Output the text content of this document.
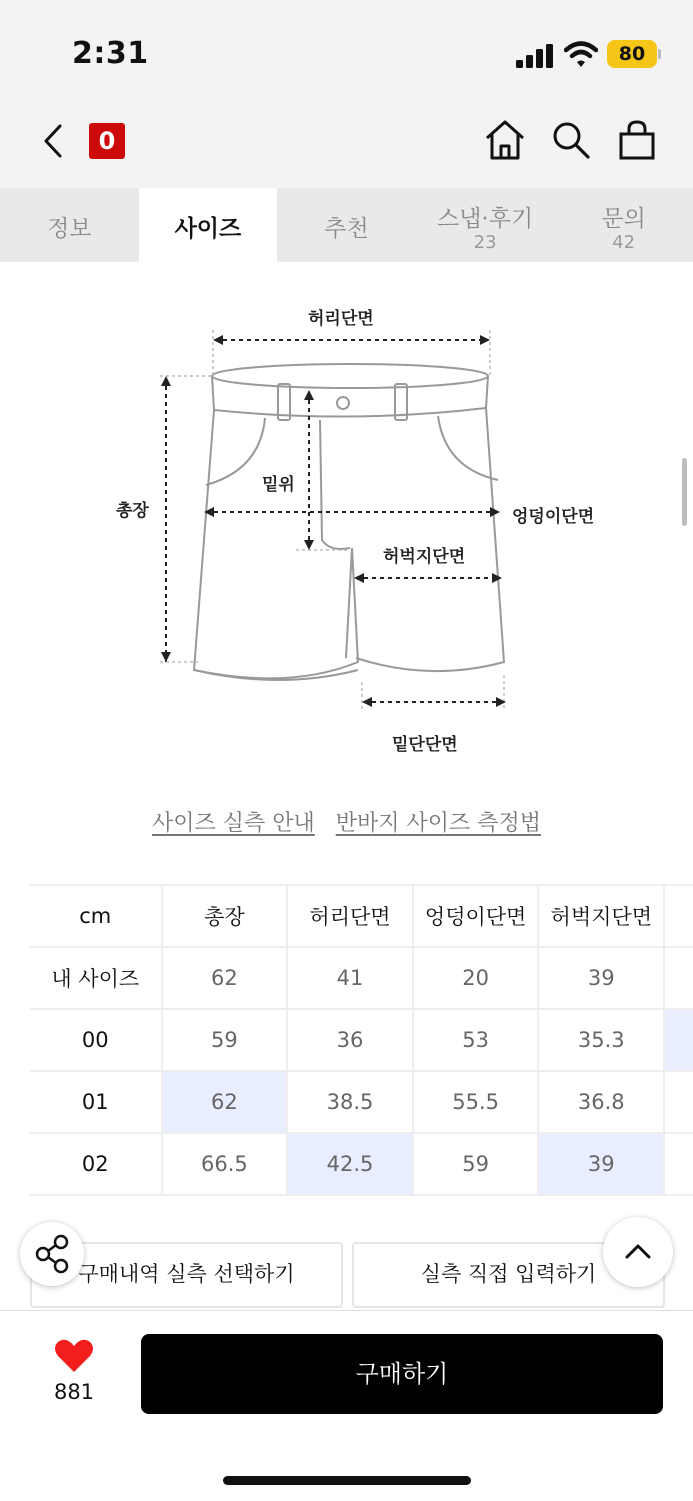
2:31	80
0
정보	사이즈	추천	스냅·후기
23
문의
42
허리단면
총장
밑위
엉덩이단면
허벅지단면
밑단단면
사이즈 실측 안내 반바지 사이즈 측정법
cm	총장	허리단면	엉덩이단면	허벅지단면	
내 사이즈	62	41	20	39	
00	59	36	53	35.3	
01	62	38.5	55.5	36.8	
02	66.5	42.5	59	39	
구매내역 실측 선택하기	실측 직접 입력하기
881
구매하기
